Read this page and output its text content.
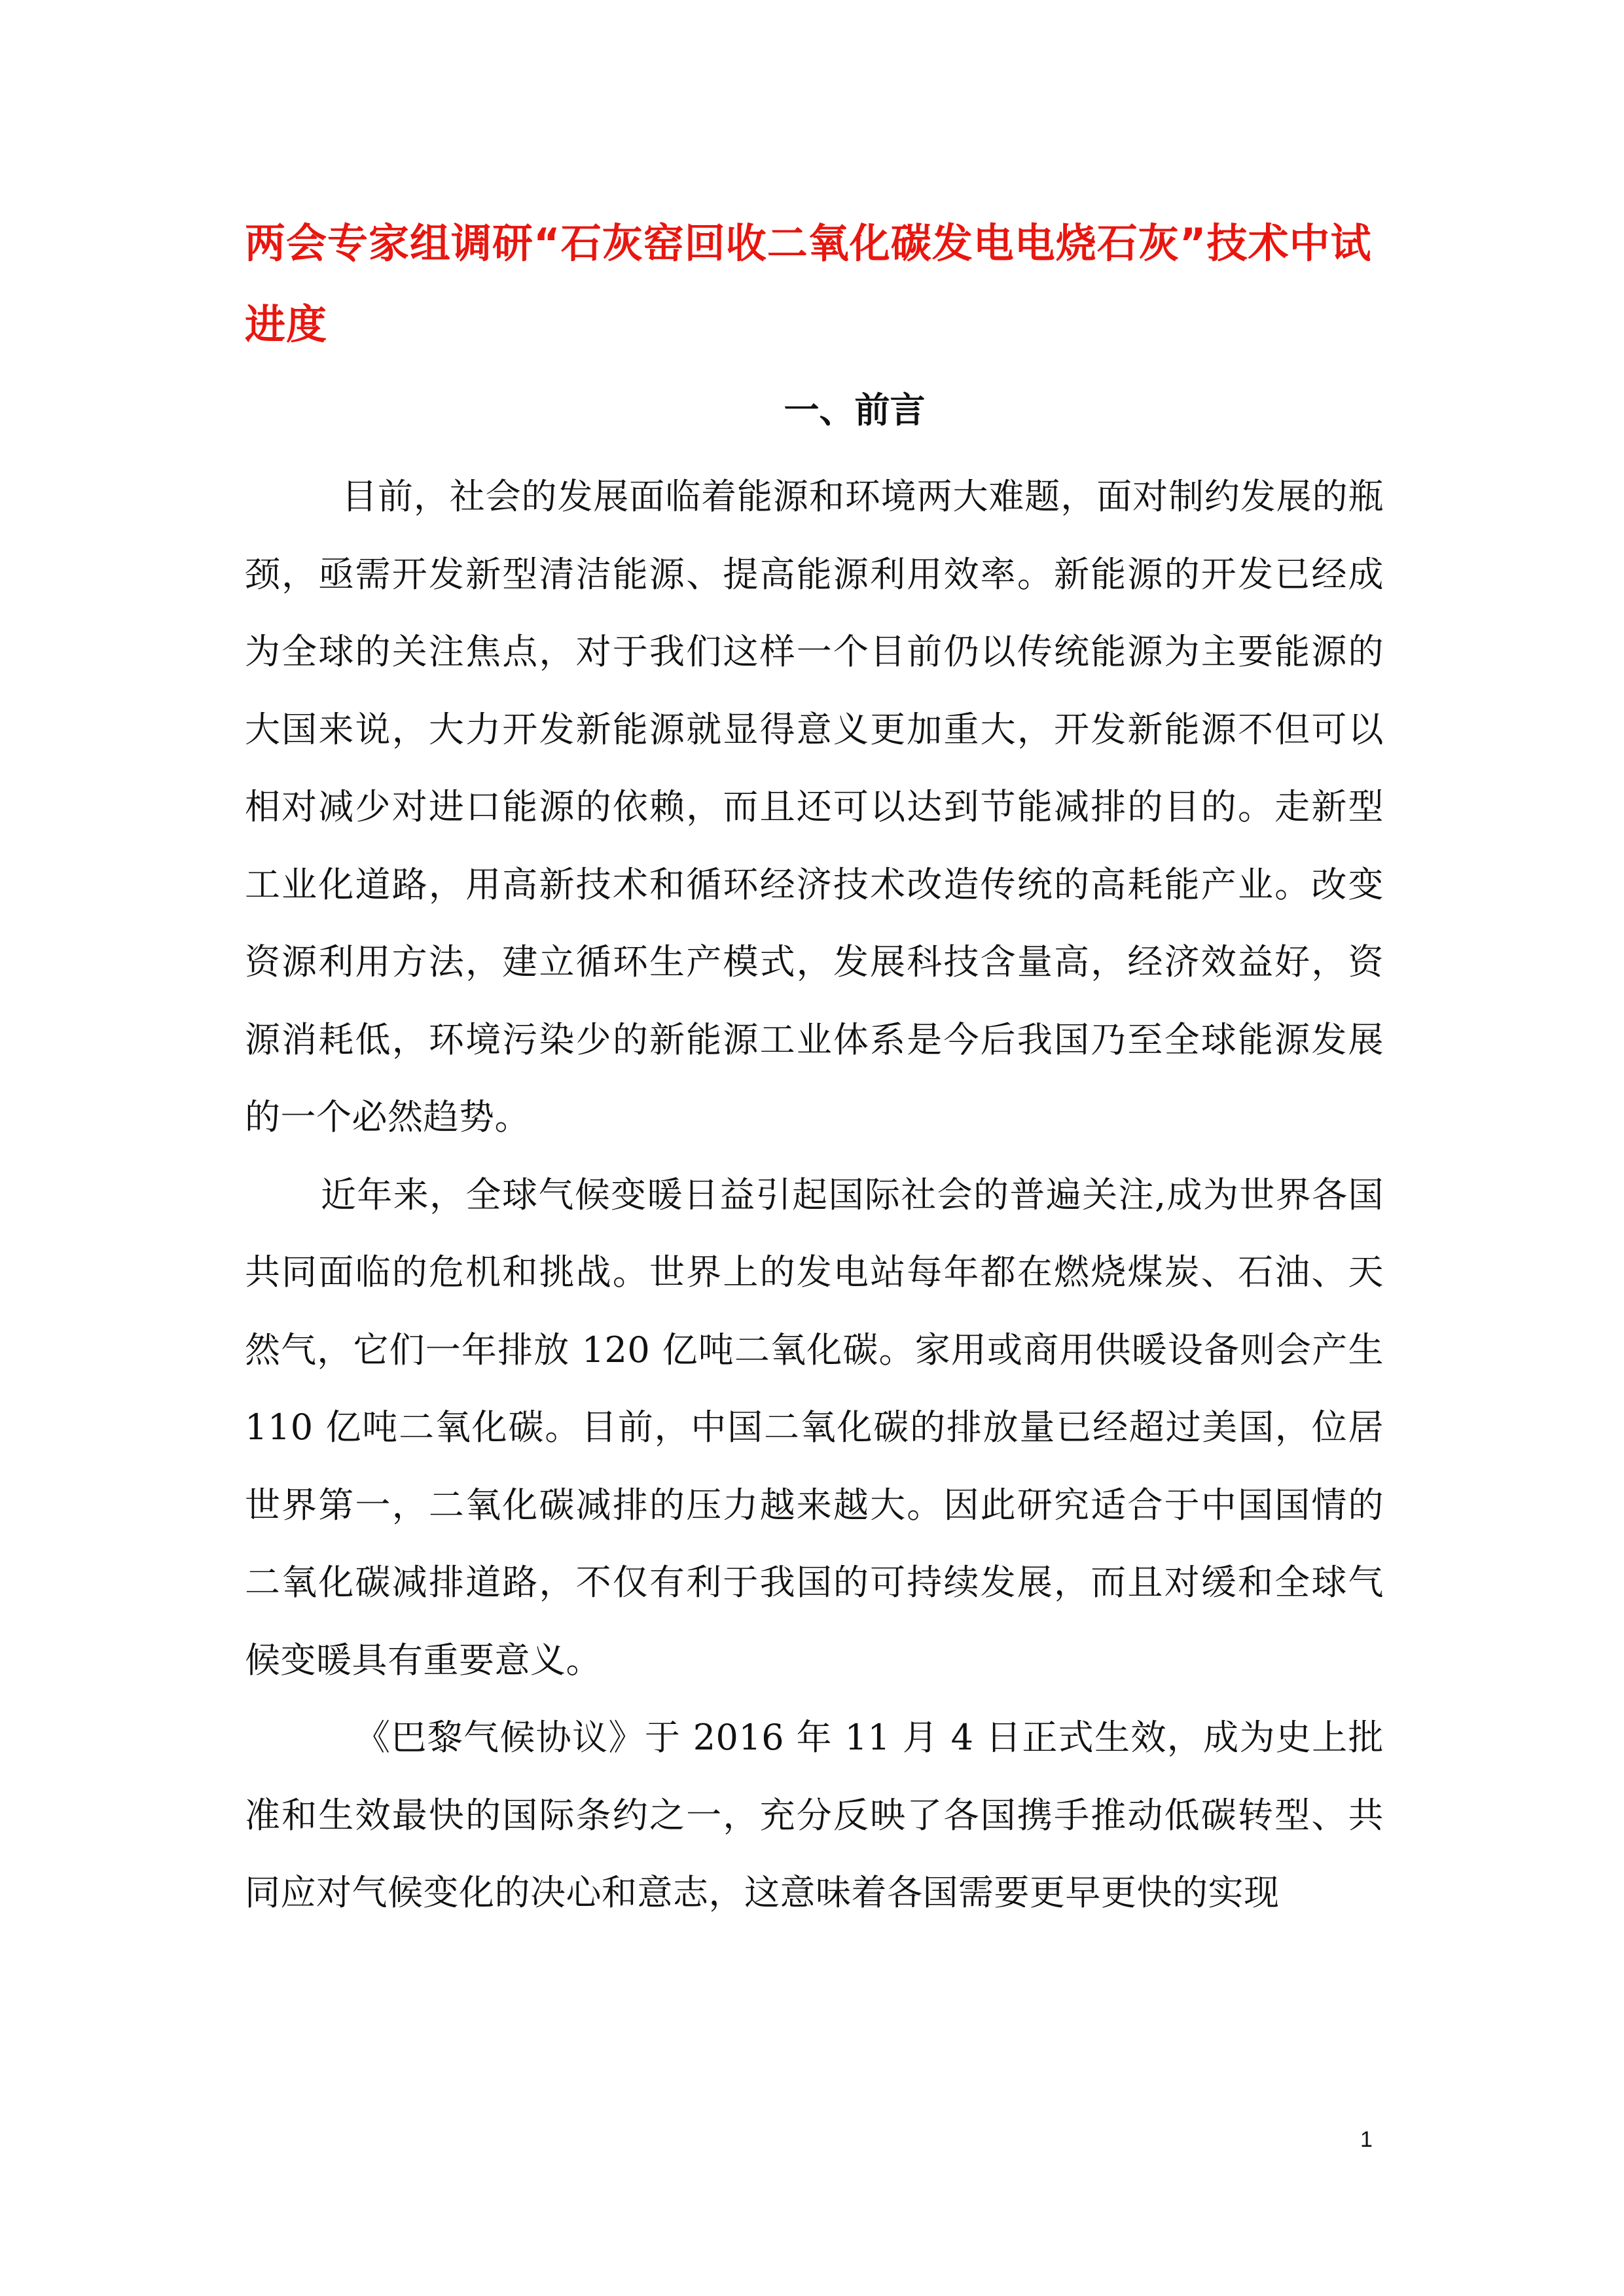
两会专家组调研“石灰窑回收二氧化碳发电电烧石灰”技术中试进度
一、前言

目前，社会的发展面临着能源和环境两大难题，面对制约发展的瓶颈，亟需开发新型清洁能源、提高能源利用效率。新能源的开发已经成为全球的关注焦点，对于我们这样一个目前仍以传统能源为主要能源的大国来说，大力开发新能源就显得意义更加重大，开发新能源不但可以相对减少对进口能源的依赖，而且还可以达到节能减排的目的。走新型工业化道路，用高新技术和循环经济技术改造传统的高耗能产业。改变资源利用方法，建立循环生产模式，发展科技含量高，经济效益好，资源消耗低，环境污染少的新能源工业体系是今后我国乃至全球能源发展的一个必然趋势。

近年来，全球气候变暖日益引起国际社会的普遍关注,成为世界各国共同面临的危机和挑战。世界上的发电站每年都在燃烧煤炭、石油、天然气，它们一年排放 120 亿吨二氧化碳。家用或商用供暖设备则会产生 110 亿吨二氧化碳。目前，中国二氧化碳的排放量已经超过美国，位居世界第一，二氧化碳减排的压力越来越大。因此研究适合于中国国情的二氧化碳减排道路，不仅有利于我国的可持续发展，而且对缓和全球气候变暖具有重要意义。

《巴黎气候协议》于 2016 年 11 月 4 日正式生效，成为史上批准和生效最快的国际条约之一，充分反映了各国携手推动低碳转型、共同应对气候变化的决心和意志，这意味着各国需要更早更快的实现

1
